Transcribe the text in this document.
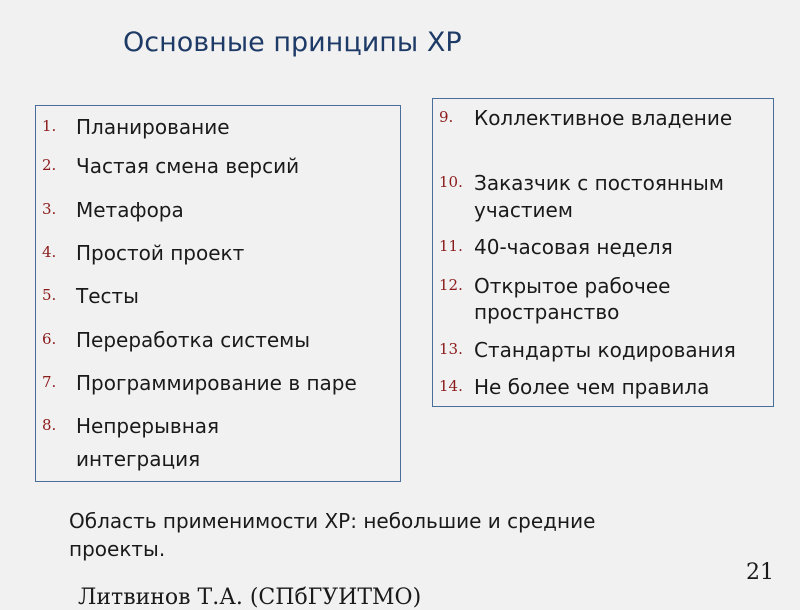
Основные принципы XP
1. Планирование
2. Частая смена версий
3. Метафора
4. Простой проект
5. Тесты
6. Переработка системы
7. Программирование в паре
8. Непрерывная
интеграция
9. Коллективное владение
10. Заказчик с постоянным
участием
11. 40-часовая неделя
12. Открытое рабочее
пространство
13. Стандарты кодирования
14. Не более чем правила
Область применимости XP: небольшие и средние
проекты.
21
Литвинов Т.А. (СПбГУИТМО)
